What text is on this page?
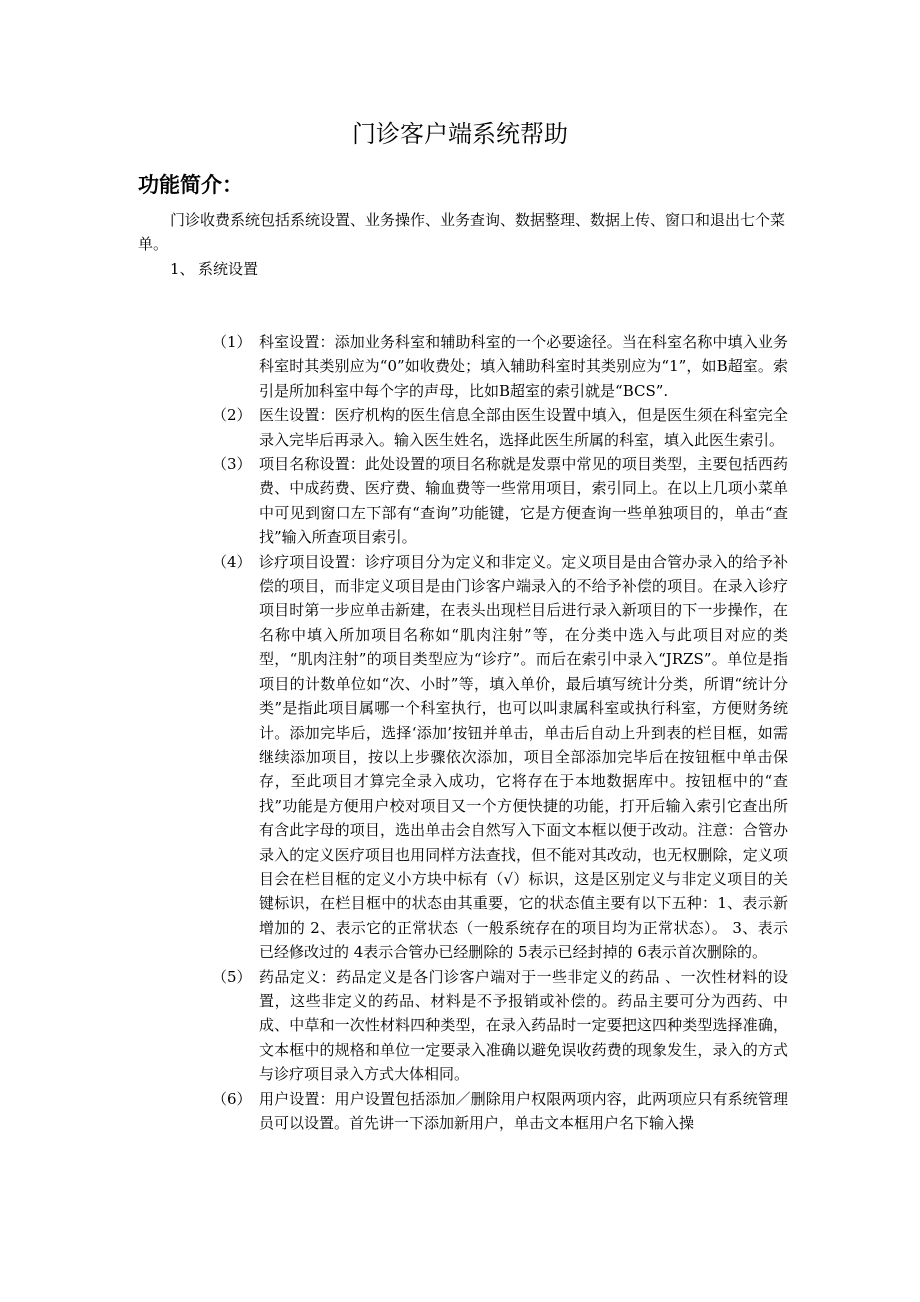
门诊客户端系统帮助
功能简介：

门诊收费系统包括系统设置、业务操作、业务查询、数据整理、数据上传、窗口和退出七个菜单。

1、 系统设置
（1） 科室设置：添加业务科室和辅助科室的一个必要途径。当在科室名称中填入业务科室时其类别应为“0”如收费处；填入辅助科室时其类别应为“1”，如B超室。索引是所加科室中每个字的声母，比如B超室的索引就是“BCS”.
（2） 医生设置：医疗机构的医生信息全部由医生设置中填入，但是医生须在科室完全录入完毕后再录入。输入医生姓名，选择此医生所属的科室，填入此医生索引。
（3） 项目名称设置：此处设置的项目名称就是发票中常见的项目类型，主要包括西药费、中成药费、医疗费、输血费等一些常用项目，索引同上。在以上几项小菜单中可见到窗口左下部有“查询”功能键，它是方便查询一些单独项目的，单击“查找”输入所查项目索引。
（4） 诊疗项目设置：诊疗项目分为定义和非定义。定义项目是由合管办录入的给予补偿的项目，而非定义项目是由门诊客户端录入的不给予补偿的项目。在录入诊疗项目时第一步应单击新建，在表头出现栏目后进行录入新项目的下一步操作，在名称中填入所加项目名称如“肌肉注射”等，在分类中选入与此项目对应的类型，“肌肉注射”的项目类型应为“诊疗”。而后在索引中录入“JRZS”。单位是指项目的计数单位如“次、小时”等，填入单价，最后填写统计分类，所谓“统计分类”是指此项目属哪一个科室执行，也可以叫隶属科室或执行科室，方便财务统计。添加完毕后，选择‘添加’按钮并单击，单击后自动上升到表的栏目框，如需继续添加项目，按以上步骤依次添加，项目全部添加完毕后在按钮框中单击保存，至此项目才算完全录入成功，它将存在于本地数据库中。按钮框中的“查找”功能是方便用户校对项目又一个方便快捷的功能，打开后输入索引它查出所有含此字母的项目，选出单击会自然写入下面文本框以便于改动。注意：合管办录入的定义医疗项目也用同样方法查找，但不能对其改动，也无权删除，定义项目会在栏目框的定义小方块中标有（√）标识，这是区别定义与非定义项目的关键标识，在栏目框中的状态由其重要，它的状态值主要有以下五种：1、表示新增加的 2、表示它的正常状态（一般系统存在的项目均为正常状态）。 3、表示已经修改过的 4表示合管办已经删除的 5表示已经封掉的 6表示首次删除的。
（5） 药品定义：药品定义是各门诊客户端对于一些非定义的药品 、一次性材料的设置，这些非定义的药品、材料是不予报销或补偿的。药品主要可分为西药、中成、中草和一次性材料四种类型，在录入药品时一定要把这四种类型选择准确，文本框中的规格和单位一定要录入准确以避免误收药费的现象发生，录入的方式与诊疗项目录入方式大体相同。
（6） 用户设置：用户设置包括添加／删除用户权限两项内容，此两项应只有系统管理员可以设置。首先讲一下添加新用户，单击文本框用户名下输入操
